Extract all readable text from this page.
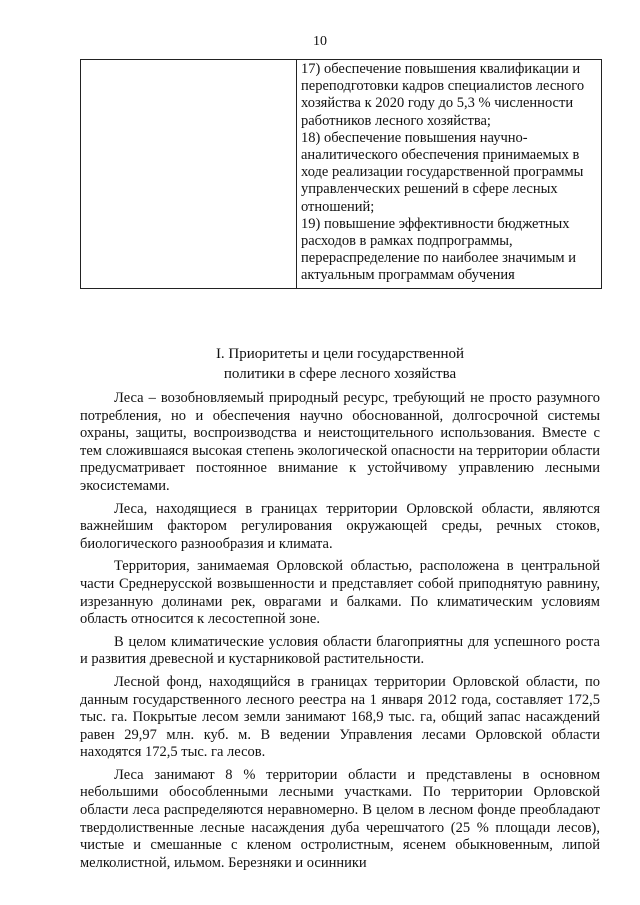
10

17) обеспечение повышения квалификации и переподготовки кадров специалистов лесного хозяйства к 2020 году до 5,3 % численности работников лесного хозяйства;
18) обеспечение повышения научно-аналитического обеспечения принимаемых в ходе реализации государственной программы управленческих решений в сфере лесных отношений;
19) повышение эффективности бюджетных расходов в рамках подпрограммы, перераспределение по наиболее значимым и актуальным программам обучения
I. Приоритеты и цели государственной
политики в сфере лесного хозяйства

Леса – возобновляемый природный ресурс, требующий не просто разумного потребления, но и обеспечения научно обоснованной, долгосрочной системы охраны, защиты, воспроизводства и неистощительного использования. Вместе с тем сложившаяся высокая степень экологической опасности на территории области предусматривает постоянное внимание к устойчивому управлению лесными экосистемами.

Леса, находящиеся в границах территории Орловской области, являются важнейшим фактором регулирования окружающей среды, речных стоков, биологического разнообразия и климата.

Территория, занимаемая Орловской областью, расположена в центральной части Среднерусской возвышенности и представляет собой приподнятую равнину, изрезанную долинами рек, оврагами и балками. По климатическим условиям область относится к лесостепной зоне.

В целом климатические условия области благоприятны для успешного роста и развития древесной и кустарниковой растительности.

Лесной фонд, находящийся в границах территории Орловской области, по данным государственного лесного реестра на 1 января 2012 года, составляет 172,5 тыс. га. Покрытые лесом земли занимают 168,9 тыс. га, общий запас насаждений равен 29,97 млн. куб. м. В ведении Управления лесами Орловской области находятся 172,5 тыс. га лесов.

Леса занимают 8 % территории области и представлены в основном небольшими обособленными лесными участками. По территории Орловской области леса распределяются неравномерно. В целом в лесном фонде преобладают твердолиственные лесные насаждения дуба черешчатого (25 % площади лесов), чистые и смешанные с кленом остролистным, ясенем обыкновенным, липой мелколистной, ильмом. Березняки и осинники
